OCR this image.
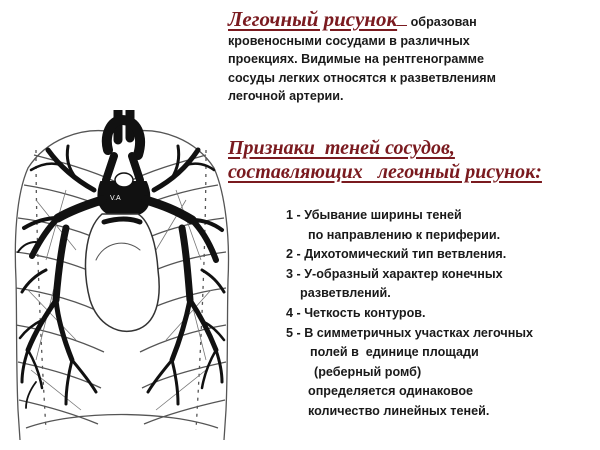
V.A
Ar

Легочный рисунок образован
кровеносными сосудами в различных
проекциях. Видимые на рентгенограмме
сосуды легких относятся к разветвлениям
легочной артерии.

Признаки  теней сосудов,
составляющих   легочный рисунок:
1 - Убывание ширины теней
по направлению к периферии.
2 - Дихотомический тип ветвления.
3 - У-образный характер конечных
разветвлений.
4 - Четкость контуров.
5 - В симметричных участках легочных
полей в  единице площади
(реберный ромб)
определяется одинаковое
количество линейных теней.
